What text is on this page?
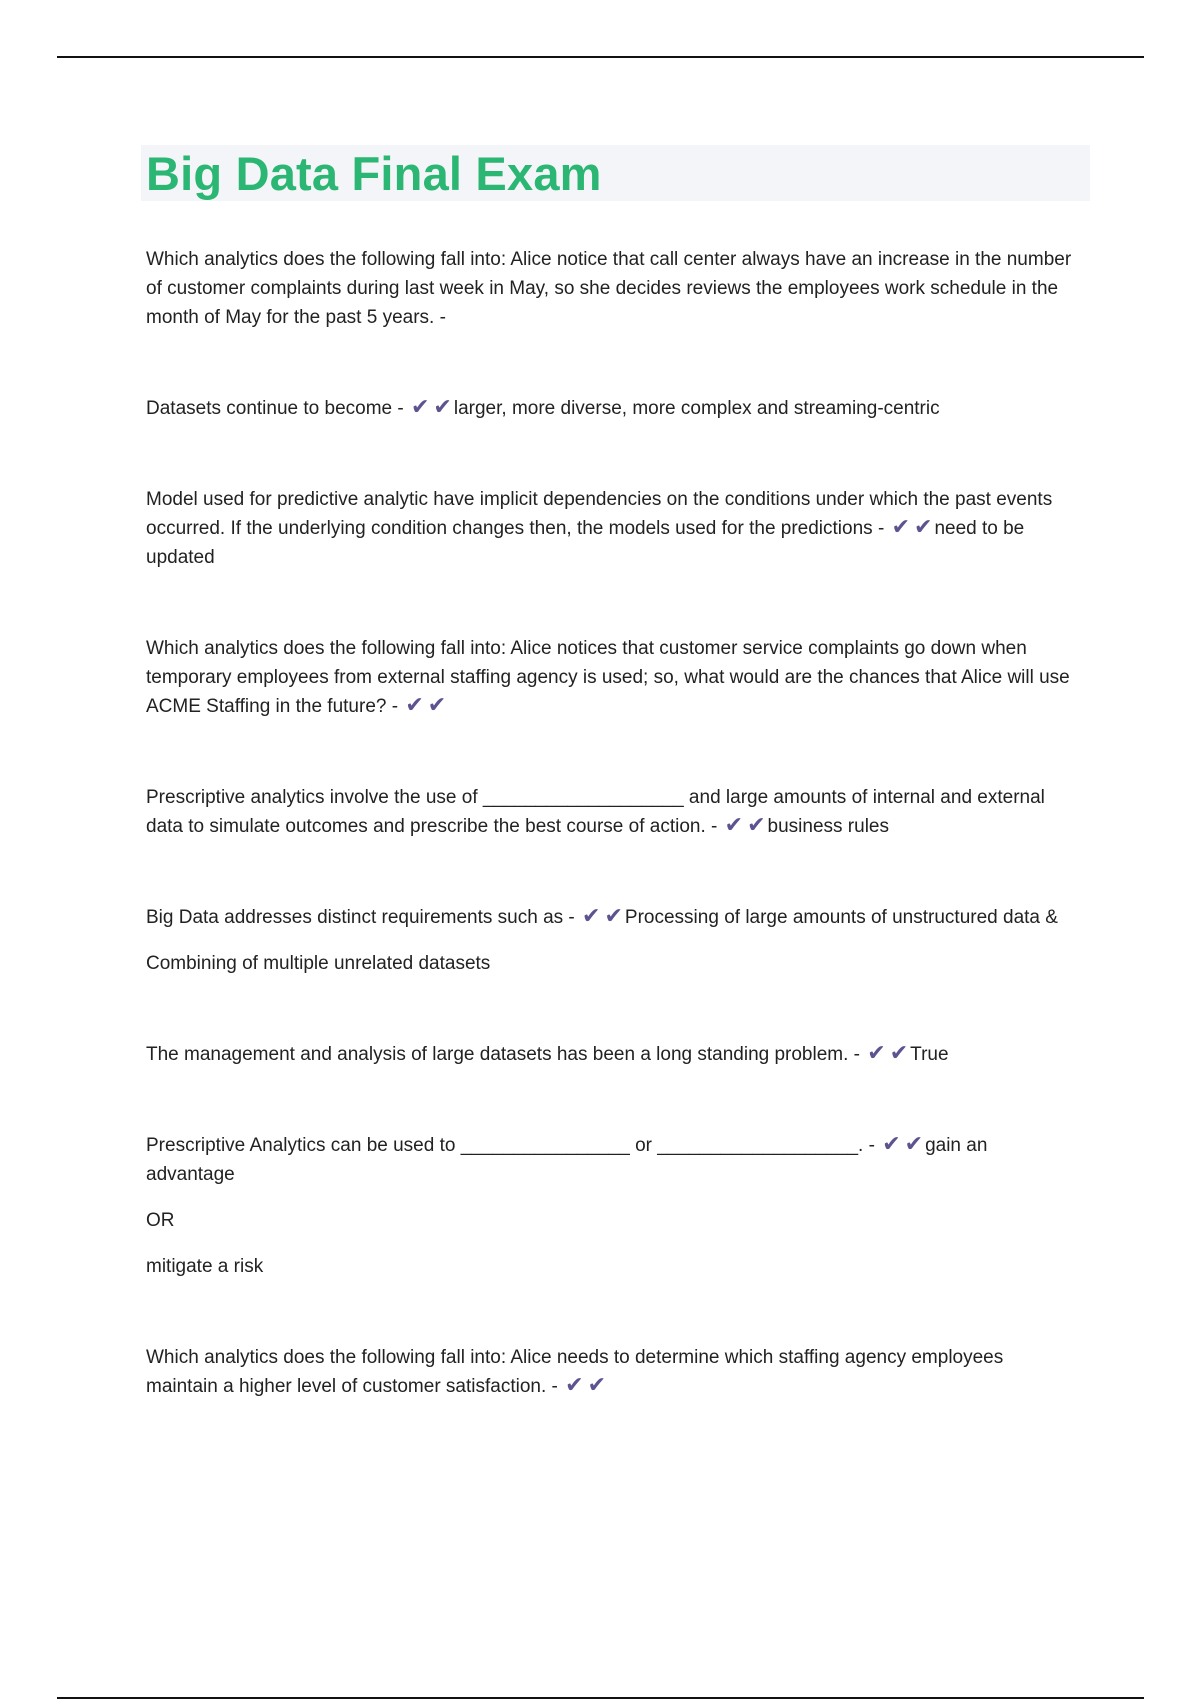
Big Data Final Exam

Which analytics does the following fall into: Alice notice that call center always have an increase in the number of customer complaints during last week in May, so she decides reviews the employees work schedule in the month of May for the past 5 years. -

Datasets continue to become - ✔ ✔ larger, more diverse, more complex and streaming-centric

Model used for predictive analytic have implicit dependencies on the conditions under which the past events occurred. If the underlying condition changes then, the models used for the predictions - ✔ ✔ need to be updated

Which analytics does the following fall into: Alice notices that customer service complaints go down when temporary employees from external staffing agency is used; so, what would are the chances that Alice will use ACME Staffing in the future? - ✔ ✔

Prescriptive analytics involve the use of ___________________ and large amounts of internal and external data to simulate outcomes and prescribe the best course of action. - ✔ ✔ business rules

Big Data addresses distinct requirements such as - ✔ ✔ Processing of large amounts of unstructured data &

Combining of multiple unrelated datasets

The management and analysis of large datasets has been a long standing problem. - ✔ ✔ True

Prescriptive Analytics can be used to ________________ or ___________________. - ✔ ✔ gain an advantage

OR

mitigate a risk

Which analytics does the following fall into: Alice needs to determine which staffing agency employees maintain a higher level of customer satisfaction. - ✔ ✔
